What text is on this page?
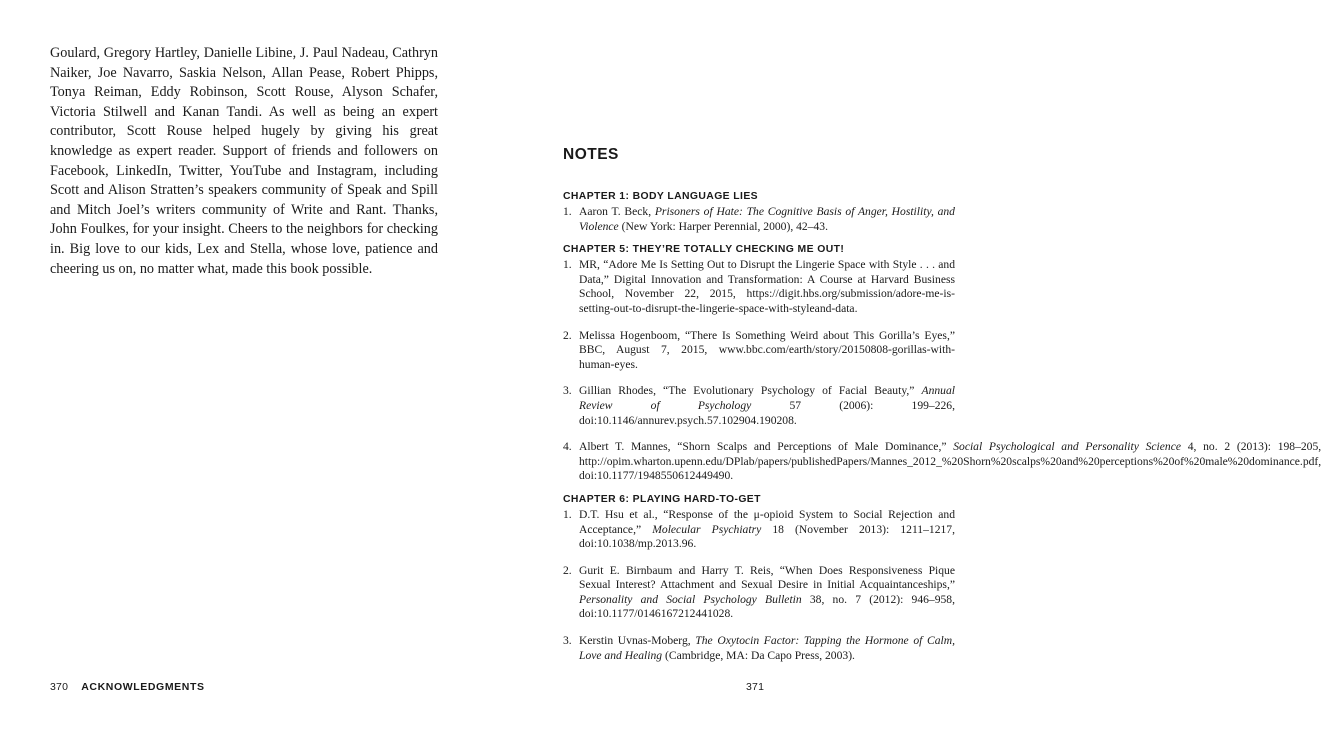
Goulard, Gregory Hartley, Danielle Libine, J. Paul Nadeau, Cathryn Naiker, Joe Navarro, Saskia Nelson, Allan Pease, Robert Phipps, Tonya Reiman, Eddy Robinson, Scott Rouse, Alyson Schafer, Victoria Stilwell and Kanan Tandi. As well as being an expert contributor, Scott Rouse helped hugely by giving his great knowledge as expert reader. Support of friends and followers on Facebook, LinkedIn, Twitter, YouTube and Instagram, including Scott and Alison Stratten’s speakers community of Speak and Spill and Mitch Joel’s writers community of Write and Rant. Thanks, John Foulkes, for your insight. Cheers to the neighbors for checking in. Big love to our kids, Lex and Stella, whose love, patience and cheering us on, no matter what, made this book possible.

370 ACKNOWLEDGMENTS
NOTES
CHAPTER 1: BODY LANGUAGE LIES
1. Aaron T. Beck, Prisoners of Hate: The Cognitive Basis of Anger, Hostility, and Violence (New York: Harper Perennial, 2000), 42–43.
CHAPTER 5: THEY’RE TOTALLY CHECKING ME OUT!
1. MR, “Adore Me Is Setting Out to Disrupt the Lingerie Space with Style . . . and Data,” Digital Innovation and Transformation: A Course at Harvard Business School, November 22, 2015, https://digit.hbs.org/submission/adore-me-is-setting-out-to-disrupt-the-lingerie-space-with-styleand-data.
2. Melissa Hogenboom, “There Is Something Weird about This Gorilla’s Eyes,” BBC, August 7, 2015, www.bbc.com/earth/story/20150808-gorillas-with-human-eyes.
3. Gillian Rhodes, “The Evolutionary Psychology of Facial Beauty,” Annual Review of Psychology 57 (2006): 199–226, doi:10.1146/annurev.psych.57.102904.190208.
4. Albert T. Mannes, “Shorn Scalps and Perceptions of Male Dominance,” Social Psychological and Personality Science 4, no. 2 (2013): 198–205, http://opim.wharton.upenn.edu/DPlab/papers/publishedPapers/Mannes_2012_%20Shorn%20scalps%20and%20perceptions%20of%20male%20dominance.pdf, doi:10.1177/1948550612449490.
CHAPTER 6: PLAYING HARD-TO-GET
1. D.T. Hsu et al., “Response of the μ-opioid System to Social Rejection and Acceptance,” Molecular Psychiatry 18 (November 2013): 1211–1217, doi:10.1038/mp.2013.96.
2. Gurit E. Birnbaum and Harry T. Reis, “When Does Responsiveness Pique Sexual Interest? Attachment and Sexual Desire in Initial Acquaintanceships,” Personality and Social Psychology Bulletin 38, no. 7 (2012): 946–958, doi:10.1177/0146167212441028.
3. Kerstin Uvnas-Moberg, The Oxytocin Factor: Tapping the Hormone of Calm, Love and Healing (Cambridge, MA: Da Capo Press, 2003).
371
